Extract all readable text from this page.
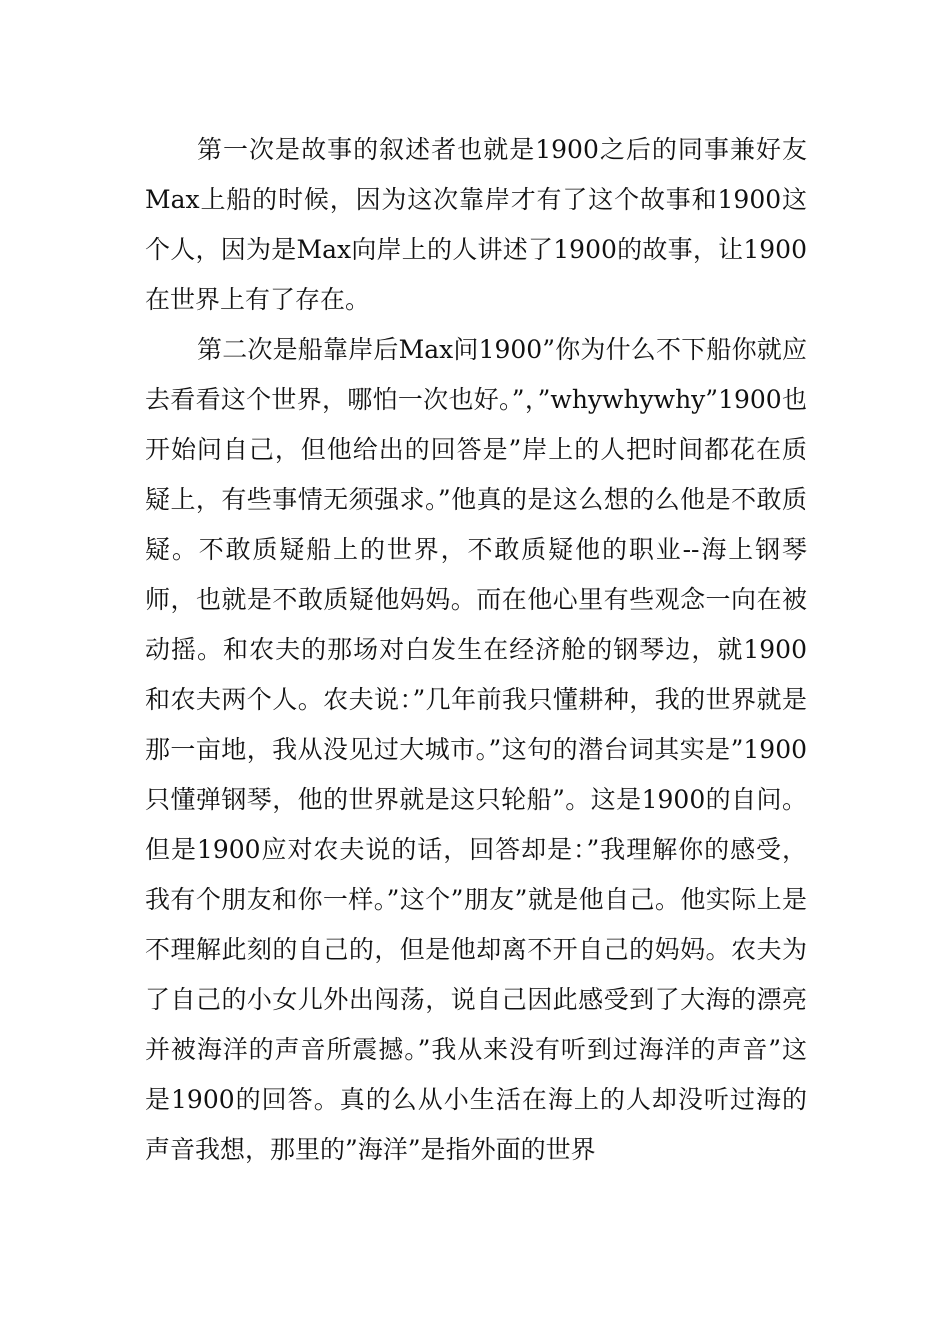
第一次是故事的叙述者也就是1900之后的同事兼好友Max上船的时候，因为这次靠岸才有了这个故事和1900这个人，因为是Max向岸上的人讲述了1900的故事，让1900在世界上有了存在。

第二次是船靠岸后Max问1900”你为什么不下船你就应去看看这个世界，哪怕一次也好。”，”whywhywhy”1900也开始问自己，但他给出的回答是”岸上的人把时间都花在质疑上，有些事情无须强求。”他真的是这么想的么他是不敢质疑。不敢质疑船上的世界，不敢质疑他的职业--海上钢琴师，也就是不敢质疑他妈妈。而在他心里有些观念一向在被动摇。和农夫的那场对白发生在经济舱的钢琴边，就1900和农夫两个人。农夫说：”几年前我只懂耕种，我的世界就是那一亩地，我从没见过大城市。”这句的潜台词其实是”1900只懂弹钢琴，他的世界就是这只轮船”。这是1900的自问。但是1900应对农夫说的话，回答却是：”我理解你的感受，我有个朋友和你一样。”这个”朋友”就是他自己。他实际上是不理解此刻的自己的，但是他却离不开自己的妈妈。农夫为了自己的小女儿外出闯荡，说自己因此感受到了大海的漂亮并被海洋的声音所震撼。”我从来没有听到过海洋的声音”这是1900的回答。真的么从小生活在海上的人却没听过海的声音我想，那里的”海洋”是指外面的世界
